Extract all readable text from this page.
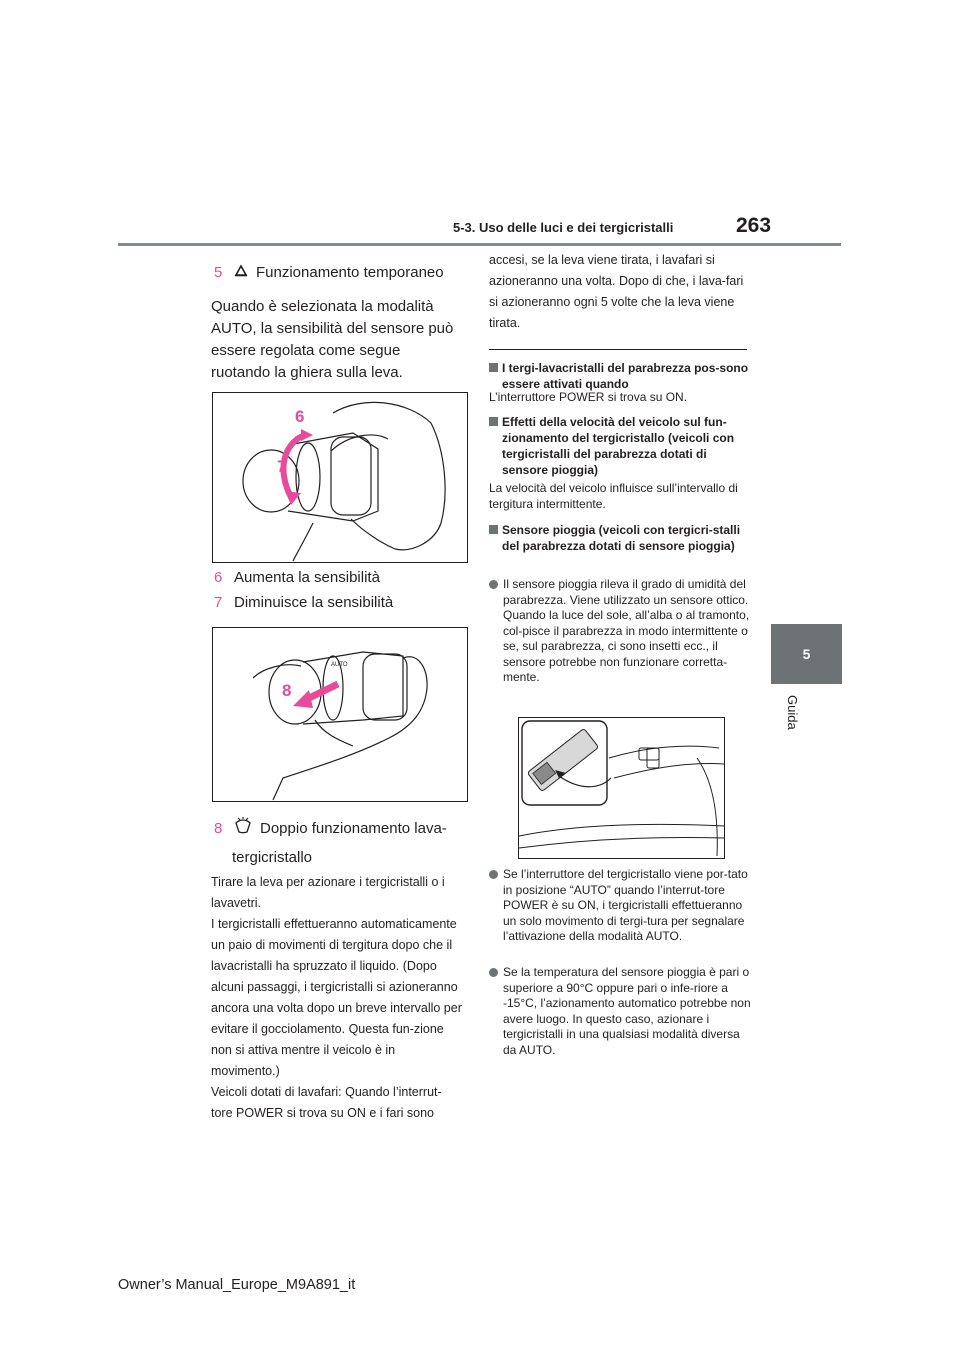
5-3. Uso delle luci e dei tergicristalli	263
5
Guida
5	Funzionamento temporaneo
Quando è selezionata la modalità AUTO, la sensibilità del sensore può essere regolata come segue ruotando la ghiera sulla leva.
6
7
6 Aumenta la sensibilità
7 Diminuisce la sensibilità
AUTO
8
8	Doppio funzionamento lava-
tergicristallo
Tirare la leva per azionare i tergicristalli o i lavavetri.
I tergicristalli effettueranno automaticamente un paio di movimenti di tergitura dopo che il lavacristalli ha spruzzato il liquido. (Dopo alcuni passaggi, i tergicristalli si azioneranno ancora una volta dopo un breve intervallo per evitare il gocciolamento. Questa fun-zione non si attiva mentre il veicolo è in movimento.)
Veicoli dotati di lavafari: Quando l’interrut-tore POWER si trova su ON e i fari sono
accesi, se la leva viene tirata, i lavafari si azioneranno una volta. Dopo di che, i lava-fari si azioneranno ogni 5 volte che la leva viene tirata.
I tergi-lavacristalli del parabrezza pos-sono essere attivati quando
L’interruttore POWER si trova su ON.
Effetti della velocità del veicolo sul fun-zionamento del tergicristallo (veicoli con tergicristalli del parabrezza dotati di sensore pioggia)
La velocità del veicolo influisce sull’intervallo di tergitura intermittente.
Sensore pioggia (veicoli con tergicri-stalli del parabrezza dotati di sensore pioggia)
Il sensore pioggia rileva il grado di umidità del parabrezza. Viene utilizzato un sensore ottico. Quando la luce del sole, all’alba o al tramonto, col-pisce il parabrezza in modo intermittente o se, sul parabrezza, ci sono insetti ecc., il sensore potrebbe non funzionare corretta-mente.
Se l’interruttore del tergicristallo viene por-tato in posizione “AUTO” quando l’interrut-tore POWER è su ON, i tergicristalli effettueranno un solo movimento di tergi-tura per segnalare l’attivazione della modalità AUTO.
Se la temperatura del sensore pioggia è pari o superiore a 90°C oppure pari o infe-riore a -15°C, l’azionamento automatico potrebbe non avere luogo. In questo caso, azionare i tergicristalli in una qualsiasi modalità diversa da AUTO.
Owner’s Manual_Europe_M9A891_it
